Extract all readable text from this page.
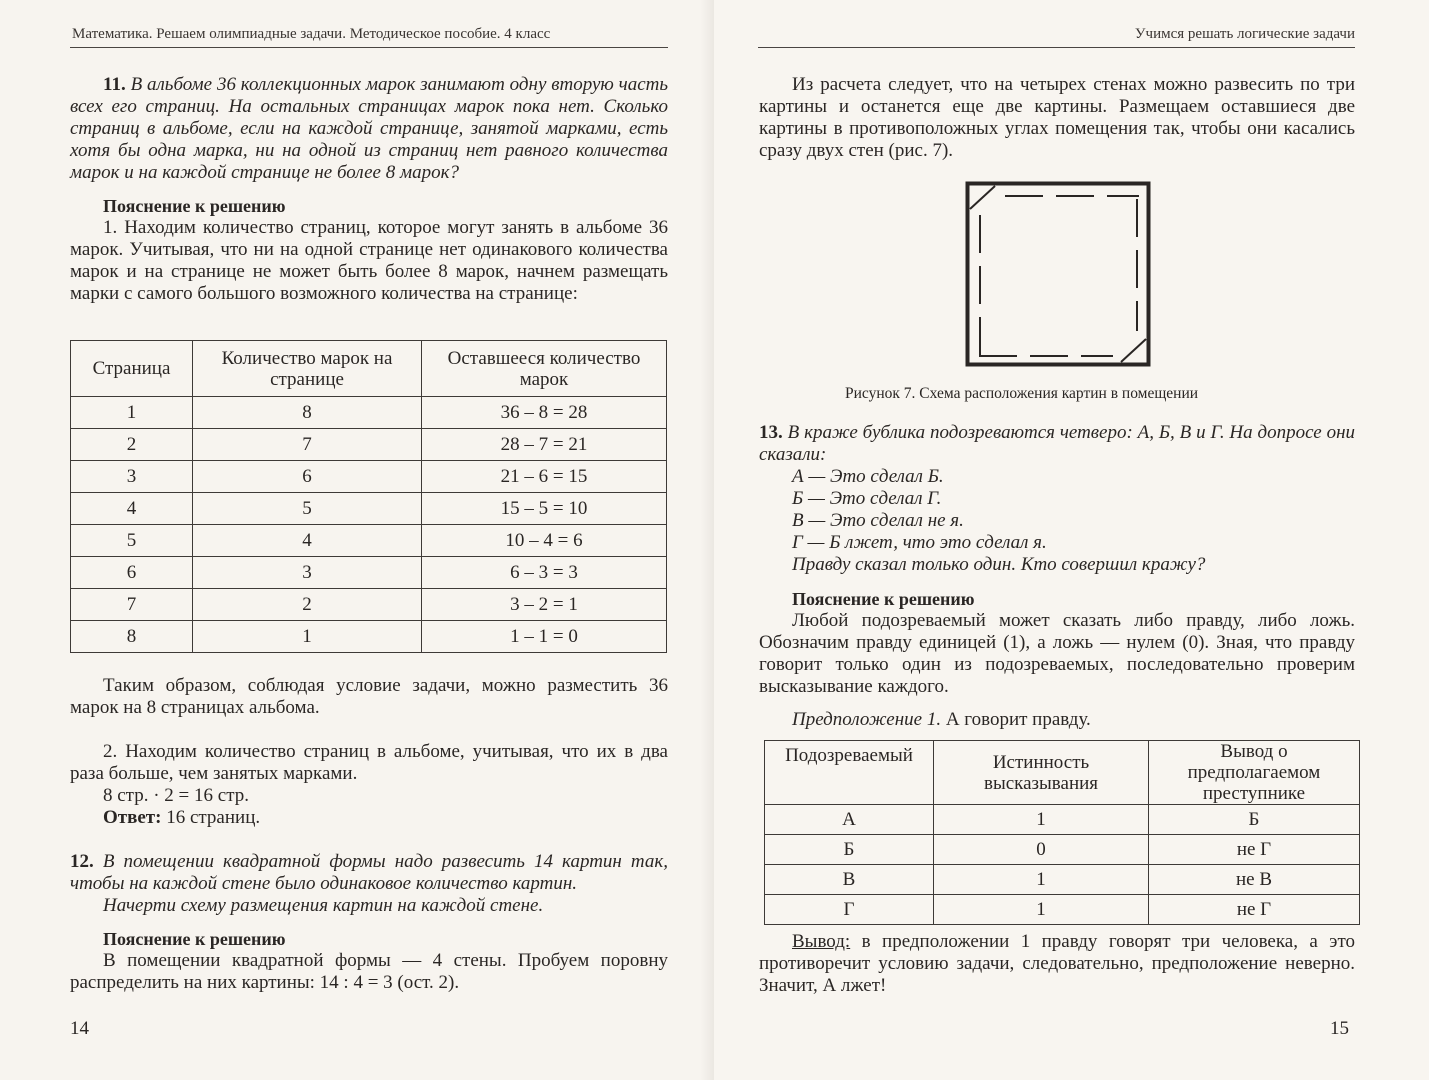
Математика. Решаем олимпиадные задачи. Методическое пособие. 4 класс

11. В альбоме 36 коллекционных марок занимают одну вторую часть всех его страниц. На остальных страницах марок пока нет. Сколько страниц в альбоме, если на каждой странице, занятой марками, есть хотя бы одна марка, ни на одной из страниц нет равного количества марок и на каждой странице не более 8 марок?

Пояснение к решению

1. Находим количество страниц, которое могут занять в альбоме 36 марок. Учитывая, что ни на одной странице нет одинакового количества марок и на странице не может быть более 8 марок, начнем размещать марки с самого большого возможного количества на странице:

Страница	Количество марок на странице	Оставшееся количество марок
1	8	36 – 8 = 28
2	7	28 – 7 = 21
3	6	21 – 6 = 15
4	5	15 – 5 = 10
5	4	10 – 4 = 6
6	3	6 – 3 = 3
7	2	3 – 2 = 1
8	1	1 – 1 = 0

Таким образом, соблюдая условие задачи, можно разместить 36 марок на 8 страницах альбома.

2. Находим количество страниц в альбоме, учитывая, что их в два раза больше, чем занятых марками.

8 стр. · 2 = 16 стр.

Ответ: 16 страниц.

12. В помещении квадратной формы надо развесить 14 картин так, чтобы на каждой стене было одинаковое количество картин.

Начерти схему размещения картин на каждой стене.

Пояснение к решению

В помещении квадратной формы — 4 стены. Пробуем поровну распределить на них картины: 14 : 4 = 3 (ост. 2).

14
Учимся решать логические задачи

Из расчета следует, что на четырех стенах можно развесить по три картины и останется еще две картины. Размещаем оставшиеся две картины в противоположных углах помещения так, чтобы они касались сразу двух стен (рис. 7).

Рисунок 7. Схема расположения картин в помещении

13. В краже бублика подозреваются четверо: А, Б, В и Г. На допросе они сказали:

А — Это сделал Б.

Б — Это сделал Г.

В — Это сделал не я.

Г — Б лжет, что это сделал я.

Правду сказал только один. Кто совершил кражу?

Пояснение к решению

Любой подозреваемый может сказать либо правду, либо ложь. Обозначим правду единицей (1), а ложь — нулем (0). Зная, что правду говорит только один из подозреваемых, последовательно проверим высказывание каждого.

Предположение 1. А говорит правду.

Подозреваемый	Истинность высказывания	Вывод о предполагаемом преступнике
А	1	Б
Б	0	не Г
В	1	не В
Г	1	не Г

Вывод: в предположении 1 правду говорят три человека, а это противоречит условию задачи, следовательно, предположение неверно. Значит, А лжет!

15
